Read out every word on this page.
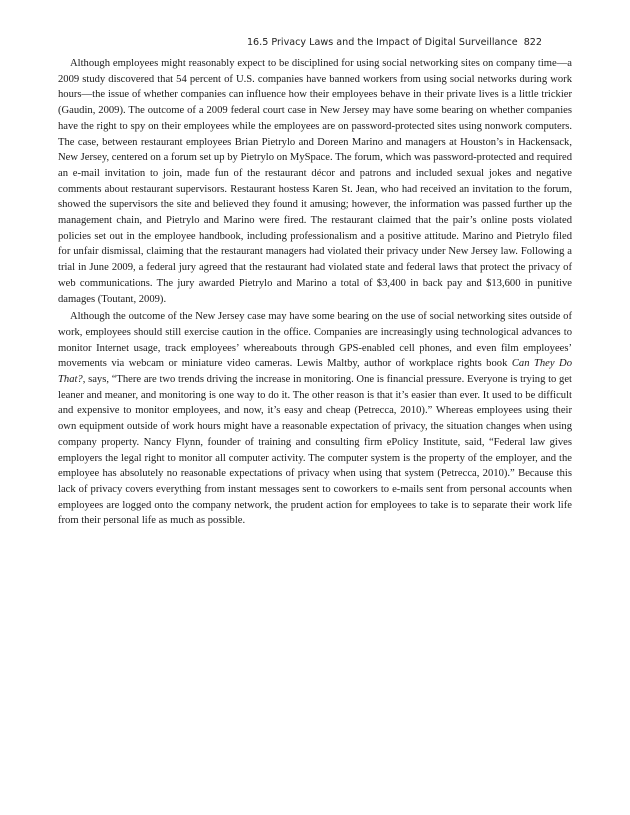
16.5 Privacy Laws and the Impact of Digital Surveillance 822

Although employees might reasonably expect to be disciplined for using social networking sites on company time—a 2009 study discovered that 54 percent of U.S. companies have banned workers from using social networks during work hours—the issue of whether companies can influence how their employees behave in their private lives is a little trickier (Gaudin, 2009). The outcome of a 2009 federal court case in New Jersey may have some bearing on whether companies have the right to spy on their employees while the employees are on password-protected sites using nonwork computers. The case, between restaurant employees Brian Pietrylo and Doreen Marino and managers at Houston’s in Hackensack, New Jersey, centered on a forum set up by Pietrylo on MySpace. The forum, which was password-protected and required an e-mail invitation to join, made fun of the restaurant décor and patrons and included sexual jokes and negative comments about restaurant supervisors. Restaurant hostess Karen St. Jean, who had received an invitation to the forum, showed the supervisors the site and believed they found it amusing; however, the information was passed further up the management chain, and Pietrylo and Marino were fired. The restaurant claimed that the pair’s online posts violated policies set out in the employee handbook, including professionalism and a positive attitude. Marino and Pietrylo filed for unfair dismissal, claiming that the restaurant managers had violated their privacy under New Jersey law. Following a trial in June 2009, a federal jury agreed that the restaurant had violated state and federal laws that protect the privacy of web communications. The jury awarded Pietrylo and Marino a total of $3,400 in back pay and $13,600 in punitive damages (Toutant, 2009).

Although the outcome of the New Jersey case may have some bearing on the use of social networking sites outside of work, employees should still exercise caution in the office. Companies are increasingly using technological advances to monitor Internet usage, track employees’ whereabouts through GPS-enabled cell phones, and even film employees’ movements via webcam or miniature video cameras. Lewis Maltby, author of workplace rights book Can They Do That?, says, “There are two trends driving the increase in monitoring. One is financial pressure. Everyone is trying to get leaner and meaner, and monitoring is one way to do it. The other reason is that it’s easier than ever. It used to be difficult and expensive to monitor employees, and now, it’s easy and cheap (Petrecca, 2010).” Whereas employees using their own equipment outside of work hours might have a reasonable expectation of privacy, the situation changes when using company property. Nancy Flynn, founder of training and consulting firm ePolicy Institute, said, “Federal law gives employers the legal right to monitor all computer activity. The computer system is the property of the employer, and the employee has absolutely no reasonable expectations of privacy when using that system (Petrecca, 2010).” Because this lack of privacy covers everything from instant messages sent to coworkers to e-mails sent from personal accounts when employees are logged onto the company network, the prudent action for employees to take is to separate their work life from their personal life as much as possible.
